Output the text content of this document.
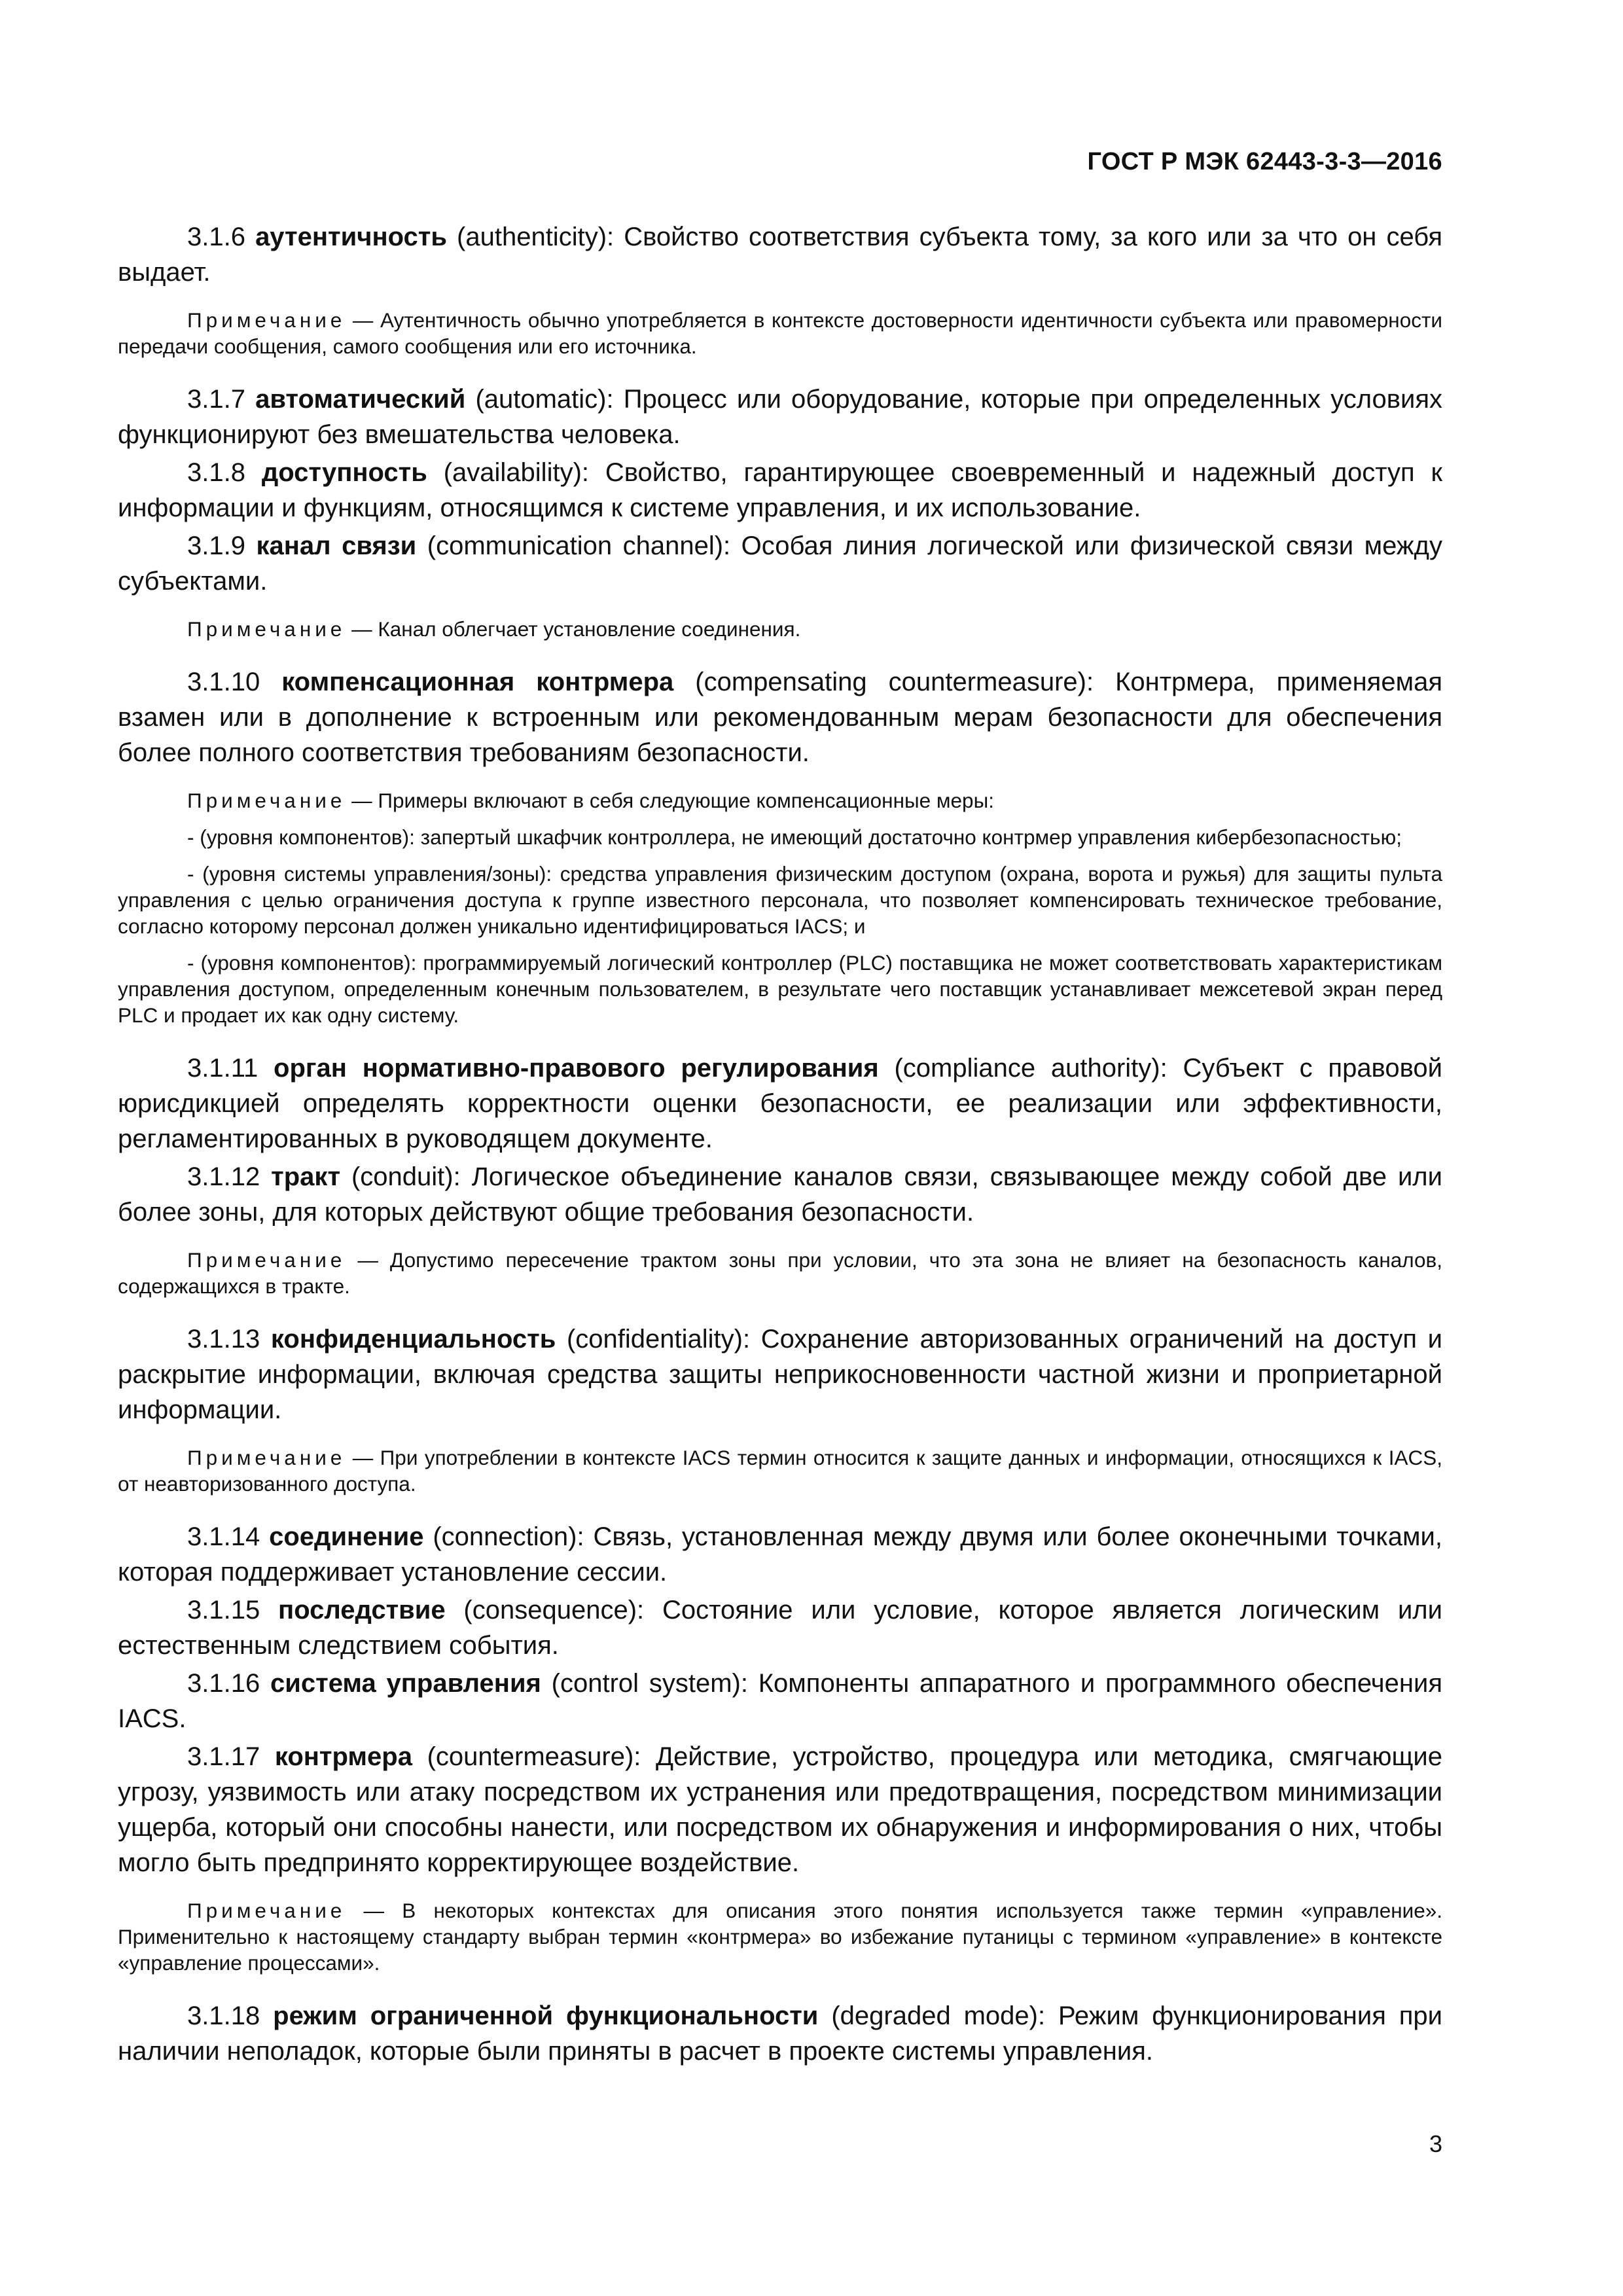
ГОСТ Р МЭК 62443-3-3—2016

3.1.6 аутентичность (authenticity): Свойство соответствия субъекта тому, за кого или за что он себя выдает.

Примечание — Аутентичность обычно употребляется в контексте достоверности идентичности субъекта или правомерности передачи сообщения, самого сообщения или его источника.

3.1.7 автоматический (automatic): Процесс или оборудование, которые при определенных условиях функционируют без вмешательства человека.

3.1.8 доступность (availability): Свойство, гарантирующее своевременный и надежный доступ к информации и функциям, относящимся к системе управления, и их использование.

3.1.9 канал связи (communication channel): Особая линия логической или физической связи между субъектами.

Примечание — Канал облегчает установление соединения.

3.1.10 компенсационная контрмера (compensating countermeasure): Контрмера, применяемая взамен или в дополнение к встроенным или рекомендованным мерам безопасности для обеспечения более полного соответствия требованиям безопасности.

Примечание — Примеры включают в себя следующие компенсационные меры:

- (уровня компонентов): запертый шкафчик контроллера, не имеющий достаточно контрмер управления кибербезопасностью;

- (уровня системы управления/зоны): средства управления физическим доступом (охрана, ворота и ружья) для защиты пульта управления с целью ограничения доступа к группе известного персонала, что позволяет компенсировать техническое требование, согласно которому персонал должен уникально идентифицироваться IACS; и

- (уровня компонентов): программируемый логический контроллер (PLC) поставщика не может соответствовать характеристикам управления доступом, определенным конечным пользователем, в результате чего поставщик устанавливает межсетевой экран перед PLC и продает их как одну систему.

3.1.11 орган нормативно-правового регулирования (compliance authority): Субъект с правовой юрисдикцией определять корректности оценки безопасности, ее реализации или эффективности, регламентированных в руководящем документе.

3.1.12 тракт (conduit): Логическое объединение каналов связи, связывающее между собой две или более зоны, для которых действуют общие требования безопасности.

Примечание — Допустимо пересечение трактом зоны при условии, что эта зона не влияет на безопасность каналов, содержащихся в тракте.

3.1.13 конфиденциальность (confidentiality): Сохранение авторизованных ограничений на доступ и раскрытие информации, включая средства защиты неприкосновенности частной жизни и проприетарной информации.

Примечание — При употреблении в контексте IACS термин относится к защите данных и информации, относящихся к IACS, от неавторизованного доступа.

3.1.14 соединение (connection): Связь, установленная между двумя или более оконечными точками, которая поддерживает установление сессии.

3.1.15 последствие (consequence): Состояние или условие, которое является логическим или естественным следствием события.

3.1.16 система управления (control system): Компоненты аппаратного и программного обеспечения IACS.

3.1.17 контрмера (countermeasure): Действие, устройство, процедура или методика, смягчающие угрозу, уязвимость или атаку посредством их устранения или предотвращения, посредством минимизации ущерба, который они способны нанести, или посредством их обнаружения и информирования о них, чтобы могло быть предпринято корректирующее воздействие.

Примечание — В некоторых контекстах для описания этого понятия используется также термин «управление». Применительно к настоящему стандарту выбран термин «контрмера» во избежание путаницы с термином «управление» в контексте «управление процессами».

3.1.18 режим ограниченной функциональности (degraded mode): Режим функционирования при наличии неполадок, которые были приняты в расчет в проекте системы управления.

3
